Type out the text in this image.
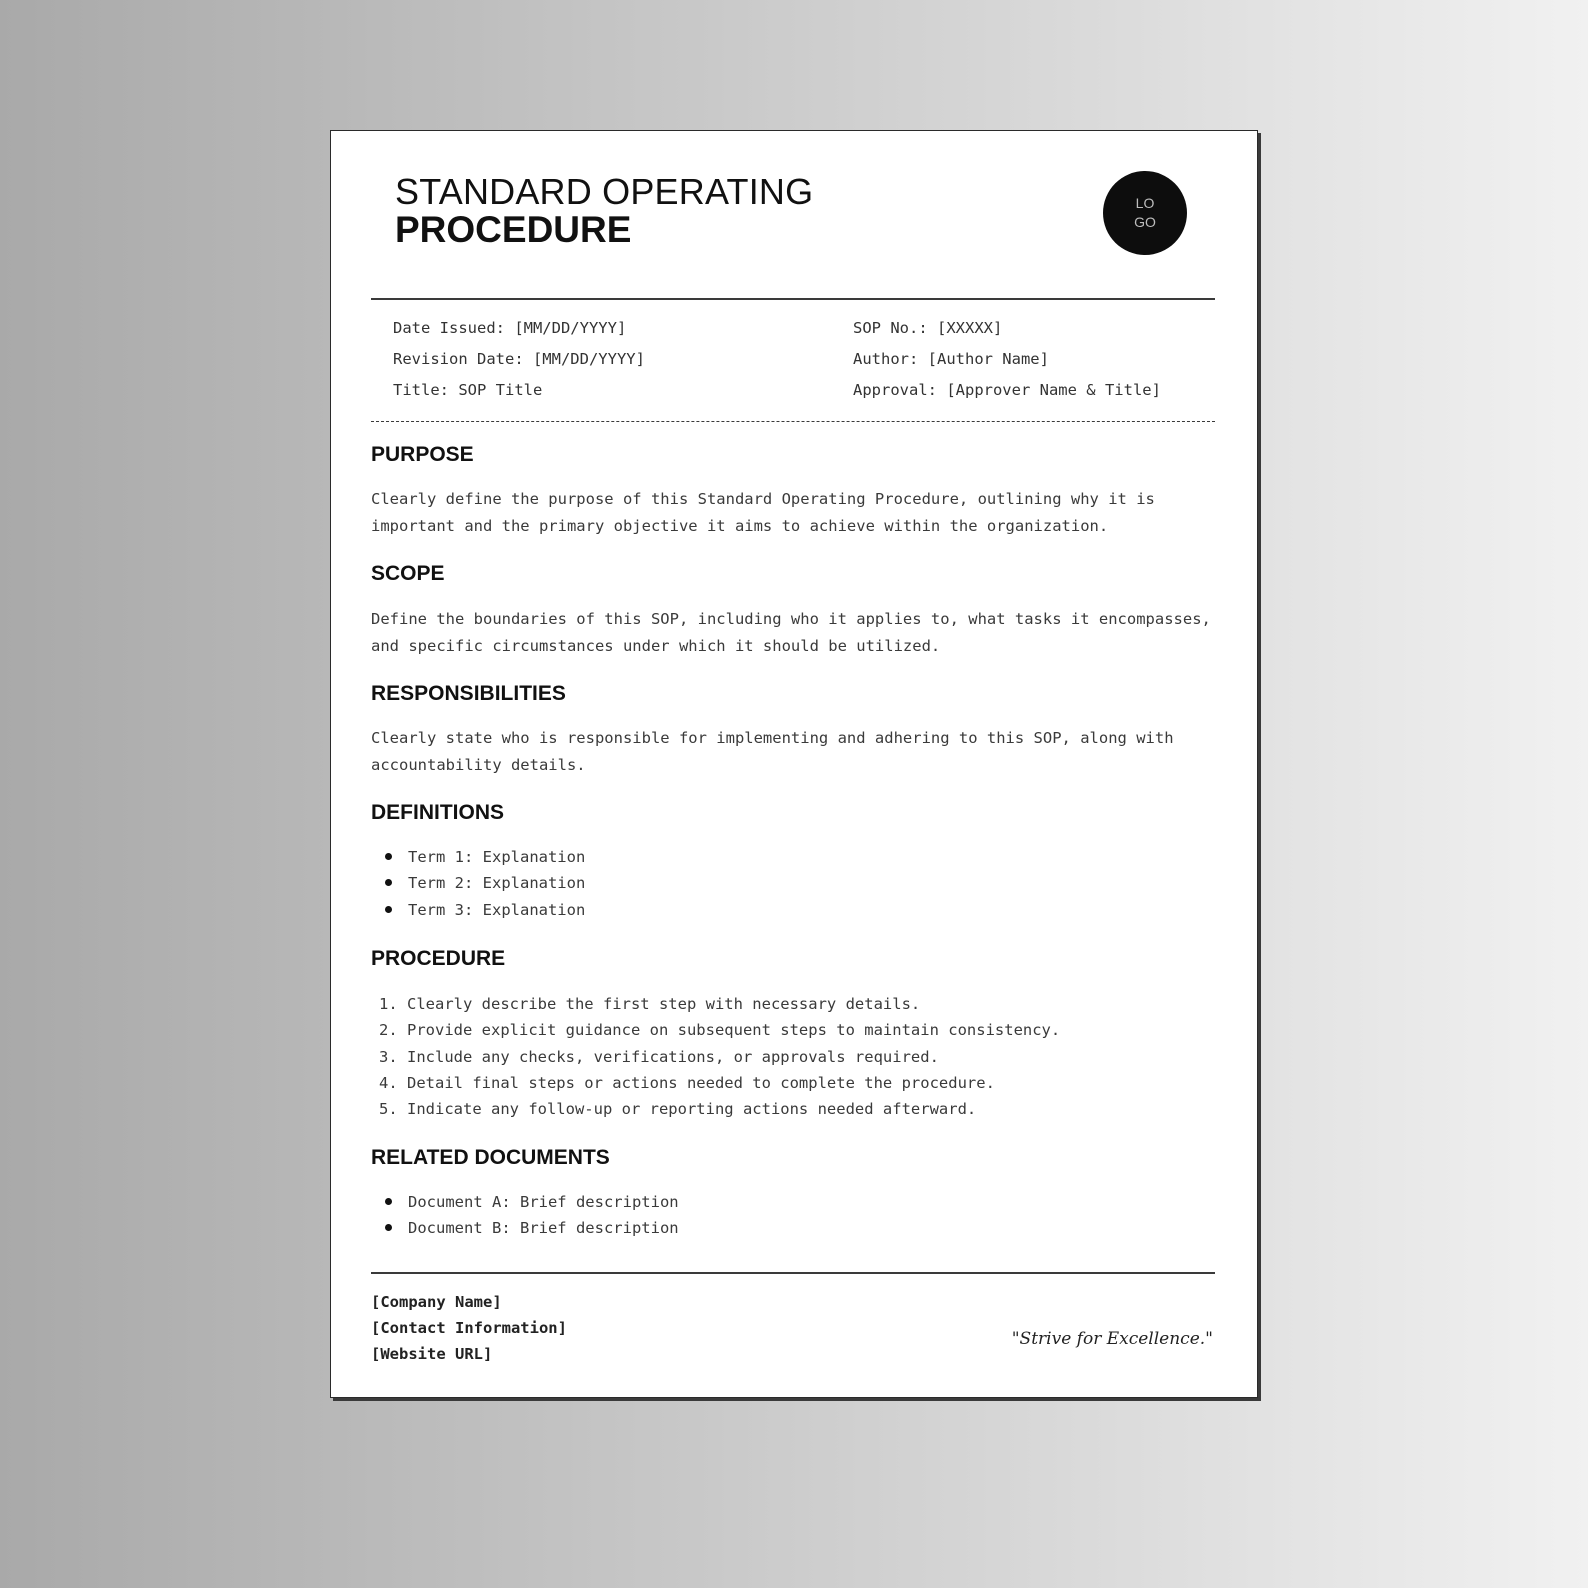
STANDARD OPERATING
PROCEDURE
LO
GO
Date Issued: [MM/DD/YYYY]
Revision Date: [MM/DD/YYYY]
Title: SOP Title
SOP No.: [XXXXX]
Author: [Author Name]
Approval: [Approver Name & Title]
PURPOSE

Clearly define the purpose of this Standard Operating Procedure, outlining why it is important and the primary objective it aims to achieve within the organization.

SCOPE

Define the boundaries of this SOP, including who it applies to, what tasks it encompasses, and specific circumstances under which it should be utilized.

RESPONSIBILITIES

Clearly state who is responsible for implementing and adhering to this SOP, along with accountability details.

DEFINITIONS
Term 1: Explanation
Term 2: Explanation
Term 3: Explanation
PROCEDURE
1. Clearly describe the first step with necessary details.
2. Provide explicit guidance on subsequent steps to maintain consistency.
3. Include any checks, verifications, or approvals required.
4. Detail final steps or actions needed to complete the procedure.
5. Indicate any follow-up or reporting actions needed afterward.
RELATED DOCUMENTS
Document A: Brief description
Document B: Brief description
[Company Name]
[Contact Information]
[Website URL]
"Strive for Excellence."
